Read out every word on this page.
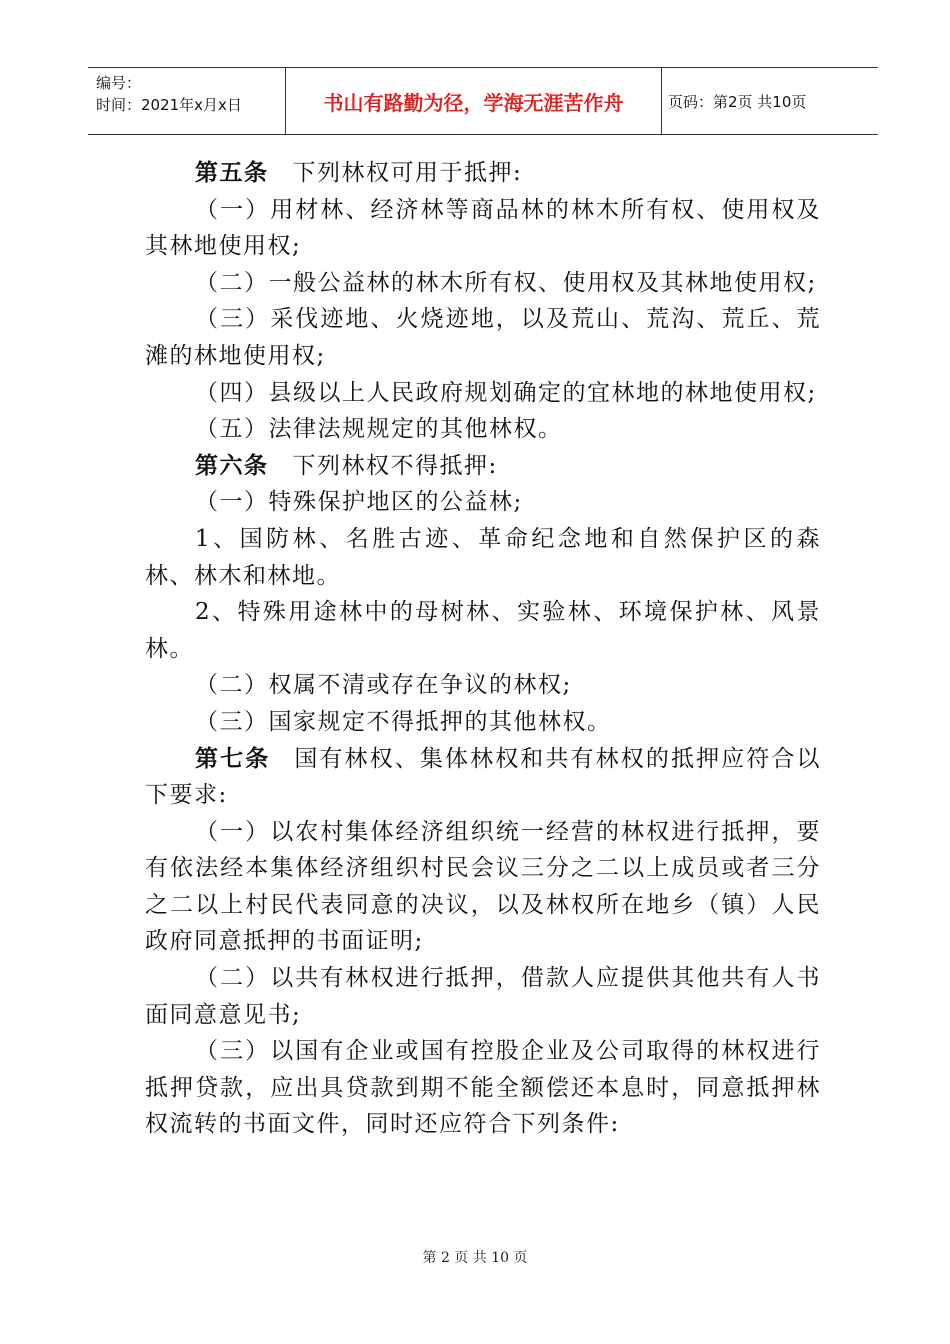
编号：
时间：2021年x月x日	书山有路勤为径，学海无涯苦作舟	页码：第2页 共10页

第五条 下列林权可用于抵押:

（一）用材林、经济林等商品林的林木所有权、使用权及其林地使用权;

（二）一般公益林的林木所有权、使用权及其林地使用权;

（三）采伐迹地、火烧迹地，以及荒山、荒沟、荒丘、荒滩的林地使用权;

（四）县级以上人民政府规划确定的宜林地的林地使用权;

（五）法律法规规定的其他林权。

第六条 下列林权不得抵押:

（一）特殊保护地区的公益林;

1、国防林、名胜古迹、革命纪念地和自然保护区的森林、林木和林地。

2、特殊用途林中的母树林、实验林、环境保护林、风景林。

（二）权属不清或存在争议的林权;

（三）国家规定不得抵押的其他林权。

第七条 国有林权、集体林权和共有林权的抵押应符合以下要求:

（一）以农村集体经济组织统一经营的林权进行抵押，要有依法经本集体经济组织村民会议三分之二以上成员或者三分之二以上村民代表同意的决议，以及林权所在地乡（镇）人民政府同意抵押的书面证明;

（二）以共有林权进行抵押，借款人应提供其他共有人书面同意意见书;

（三）以国有企业或国有控股企业及公司取得的林权进行抵押贷款，应出具贷款到期不能全额偿还本息时，同意抵押林权流转的书面文件，同时还应符合下列条件:

第 2 页 共 10 页
